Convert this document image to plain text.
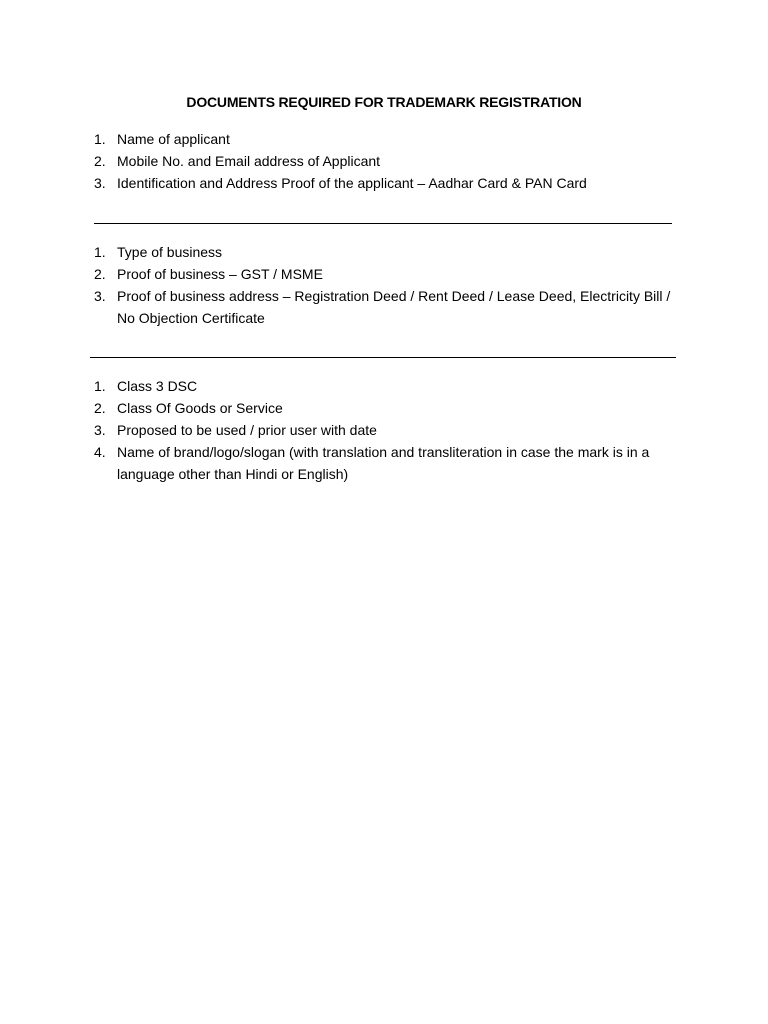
DOCUMENTS REQUIRED FOR TRADEMARK REGISTRATION
1. Name of applicant
2. Mobile No. and Email address of Applicant
3. Identification and Address Proof of the applicant – Aadhar Card & PAN Card
1. Type of business
2. Proof of business – GST / MSME
3. Proof of business address – Registration Deed / Rent Deed / Lease Deed, Electricity Bill / No Objection Certificate
1. Class 3 DSC
2. Class Of Goods or Service
3. Proposed to be used / prior user with date
4. Name of brand/logo/slogan (with translation and transliteration in case the mark is in a language other than Hindi or English)
